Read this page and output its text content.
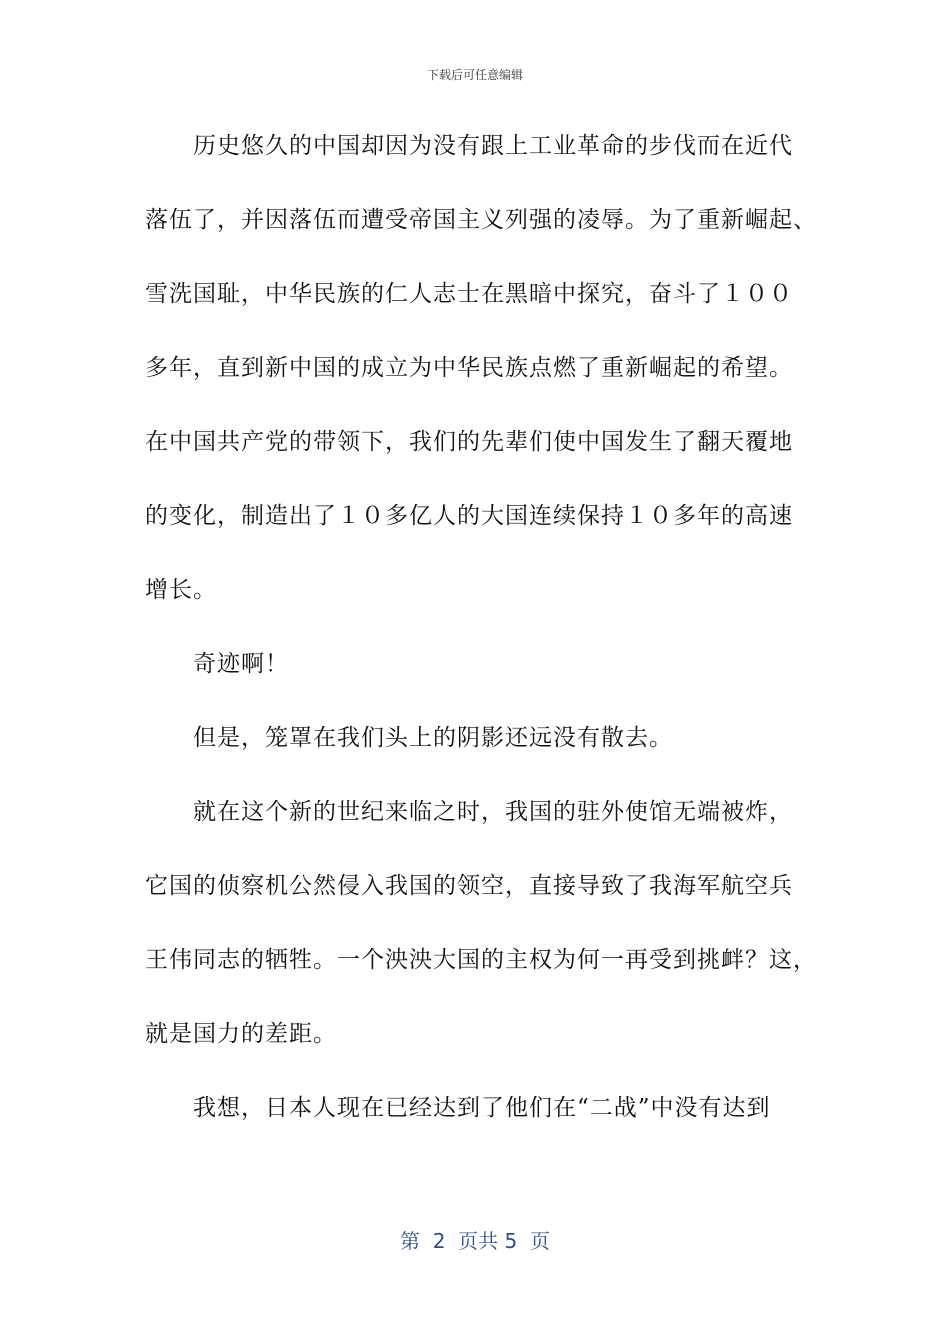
下载后可任意编辑
历史悠久的中国却因为没有跟上工业革命的步伐而在近代
落伍了，并因落伍而遭受帝国主义列强的凌辱。为了重新崛起、
雪洗国耻，中华民族的仁人志士在黑暗中探究，奋斗了１００
多年，直到新中国的成立为中华民族点燃了重新崛起的希望。
在中国共产党的带领下，我们的先辈们使中国发生了翻天覆地
的变化，制造出了１０多亿人的大国连续保持１０多年的高速
增长。
奇迹啊！
但是，笼罩在我们头上的阴影还远没有散去。
就在这个新的世纪来临之时，我国的驻外使馆无端被炸，
它国的侦察机公然侵入我国的领空，直接导致了我海军航空兵
王伟同志的牺牲。一个泱泱大国的主权为何一再受到挑衅？这，
就是国力的差距。
我想，日本人现在已经达到了他们在“二战”中没有达到
第  2  页共 5  页
